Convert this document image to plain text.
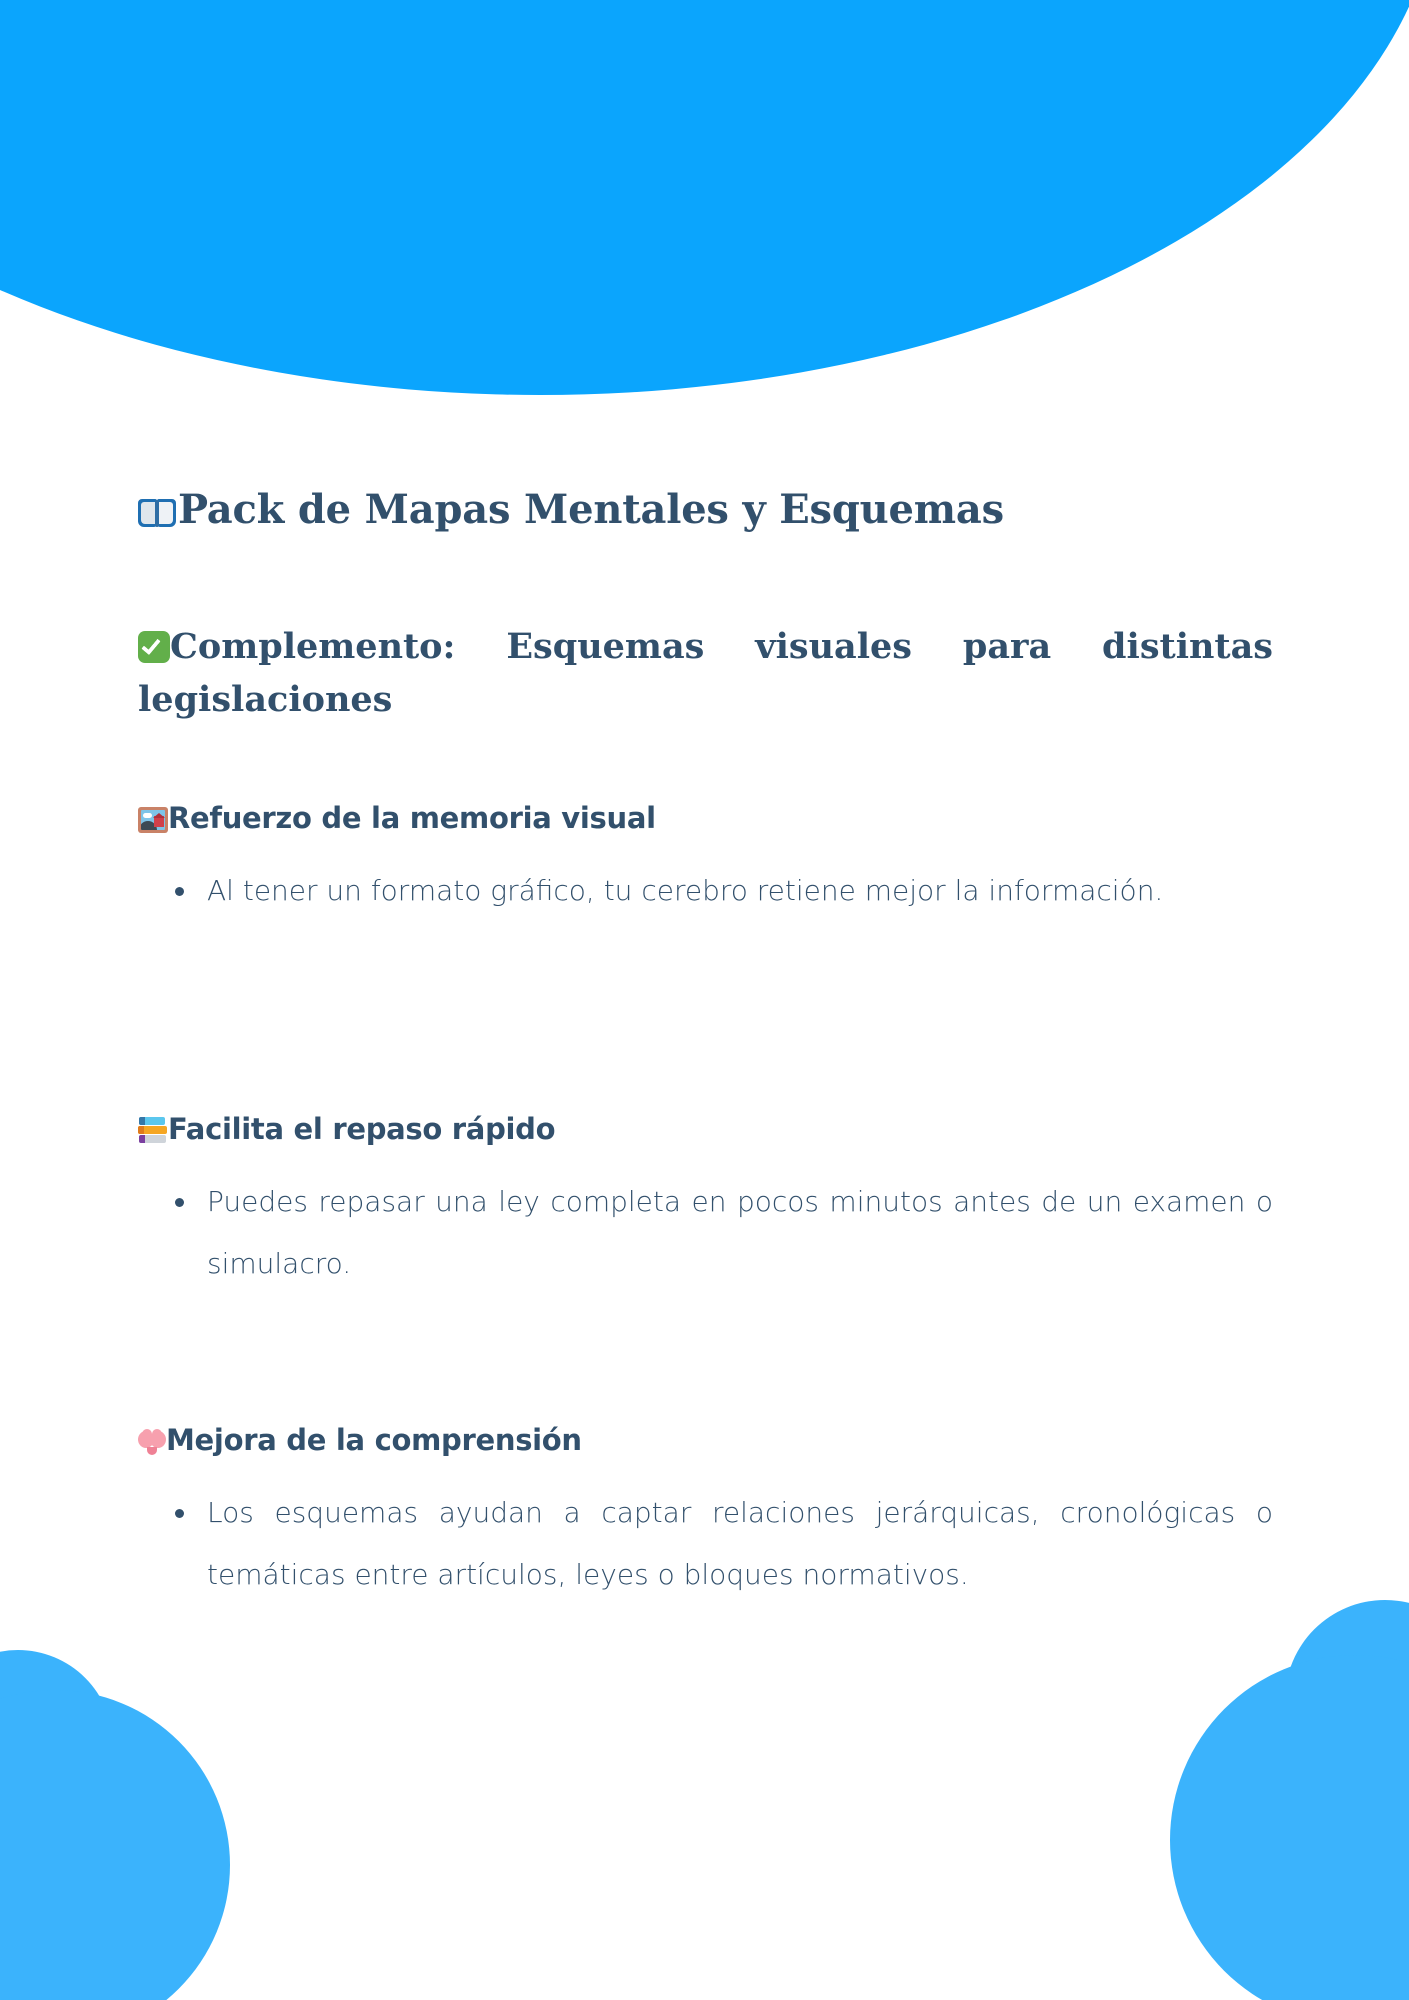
Pack de Mapas Mentales y Esquemas

Complemento: Esquemas visuales para distintas legislaciones

Refuerzo de la memoria visual
Al tener un formato gráfico, tu cerebro retiene mejor la información.
Facilita el repaso rápido
Puedes repasar una ley completa en pocos minutos antes de un examen o simulacro.
Mejora de la comprensión
Los esquemas ayudan a captar relaciones jerárquicas, cronológicas o temáticas entre artículos, leyes o bloques normativos.
